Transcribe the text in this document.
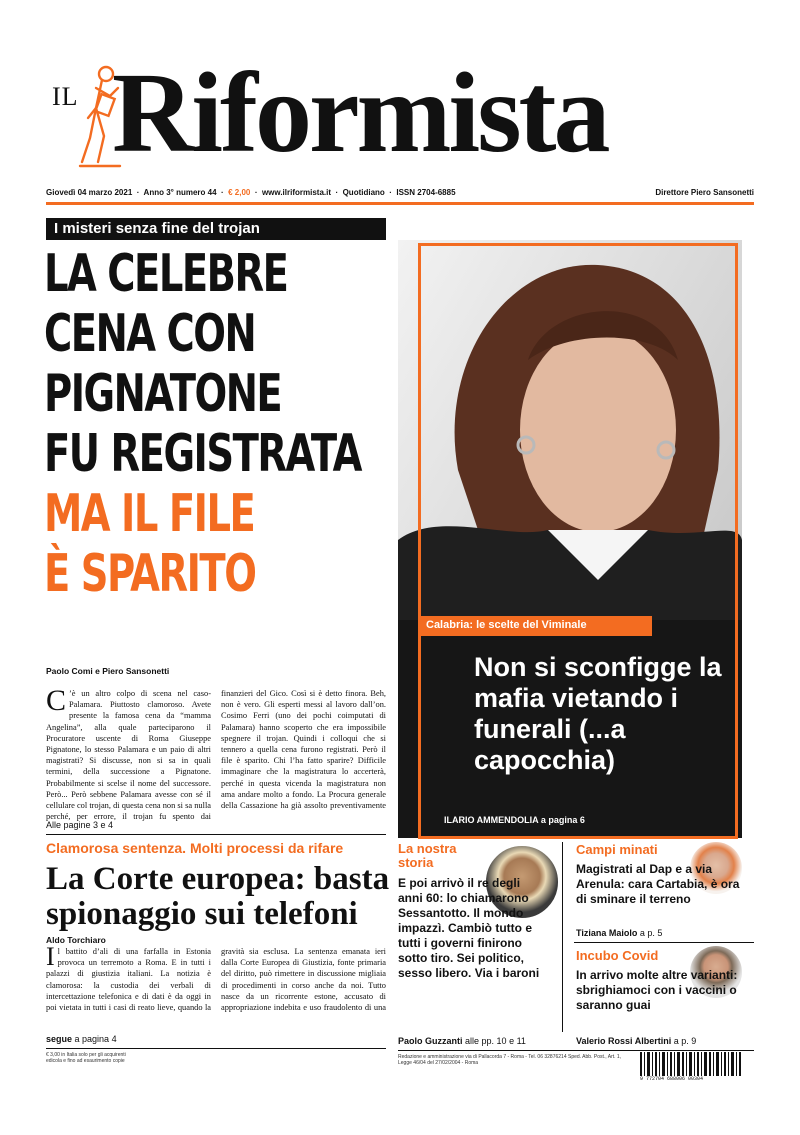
IL Riformista
Giovedì 04 marzo 2021 · Anno 3° numero 44 · € 2,00 · www.ilriformista.it · Quotidiano · ISSN 2704-6885	Direttore Piero Sansonetti
I misteri senza fine del trojan
LA CELEBRE
CENA CON
PIGNATONE
FU REGISTRATA
MA IL FILE
È SPARITO
Paolo Comi e Piero Sansonetti
C ’è un altro colpo di scena nel caso-Palamara. Piuttosto clamoroso. Avete presente la famosa cena da “mamma Angelina”, alla quale parteciparono il Procuratore uscente di Roma Giuseppe Pignatone, lo stesso Palamara e un paio di altri magistrati? Si discusse, non si sa in quali termini, della successione a Pignatone. Probabilmente si scelse il nome del successore. Però... Però sebbene Palamara avesse con sé il cellulare col trojan, di questa cena non si sa nulla perché, per errore, il trojan fu spento dai finanzieri del Gico. Così si è detto finora. Beh, non è vero. Gli esperti messi al lavoro dall’on. Cosimo Ferri (uno dei pochi coimputati di Palamara) hanno scoperto che era impossibile spegnere il trojan. Quindi i colloqui che si tennero a quella cena furono registrati. Però il file è sparito. Chi l’ha fatto sparire? Difficile immaginare che la magistratura lo accerterà, perché in questa vicenda la magistratura non ama andare molto a fondo. La Procura generale della Cassazione ha già assolto preventivamente
Alle pagine 3 e 4
Calabria: le scelte del Viminale
Non si sconfigge la mafia vietando i funerali (...a capocchia)
ILARIO AMMENDOLIA a pagina 6
Clamorosa sentenza. Molti processi da rifare
La Corte europea: basta spionaggio sui telefoni
Aldo Torchiaro
Il battito d’ali di una farfalla in Estonia provoca un terremoto a Roma. E in tutti i palazzi di giustizia italiani. La notizia è clamorosa: la custodia dei verbali di intercettazione telefonica e di dati è da oggi in poi vietata in tutti i casi di reato lieve, quando la gravità sia esclusa. La sentenza emanata ieri dalla Corte Europea di Giustizia, fonte primaria del diritto, può rimettere in discussione migliaia di procedimenti in corso anche da noi. Tutto nasce da un ricorrente estone, accusato di appropriazione indebita e uso fraudolento di una
segue a pagina 4
€ 3,00 in Italia solo per gli acquirenti edicola e fino ad esaurimento copie
La nostra storia
E poi arrivò il re degli anni 60: lo chiamarono Sessantotto. Il mondo impazzì. Cambiò tutto e tutti i governi finirono sotto tiro. Sei politico, sesso libero. Via i baroni
Paolo Guzzanti alle pp. 10 e 11
Campi minati
Magistrati al Dap e a via Arenula: cara Cartabia, è ora di sminare il terreno
Tiziana Maiolo a p. 5
Incubo Covid
In arrivo molte altre varianti: sbrighiamoci con i vaccini o saranno guai
Valerio Rossi Albertini a p. 9
Redazione e amministrazione via di Pallacorda 7 - Roma - Tel. 06 32876214 Sped. Abb. Post., Art. 1, Legge 46/04 del 27/02/2004 - Roma
9 772704 688006 00304
